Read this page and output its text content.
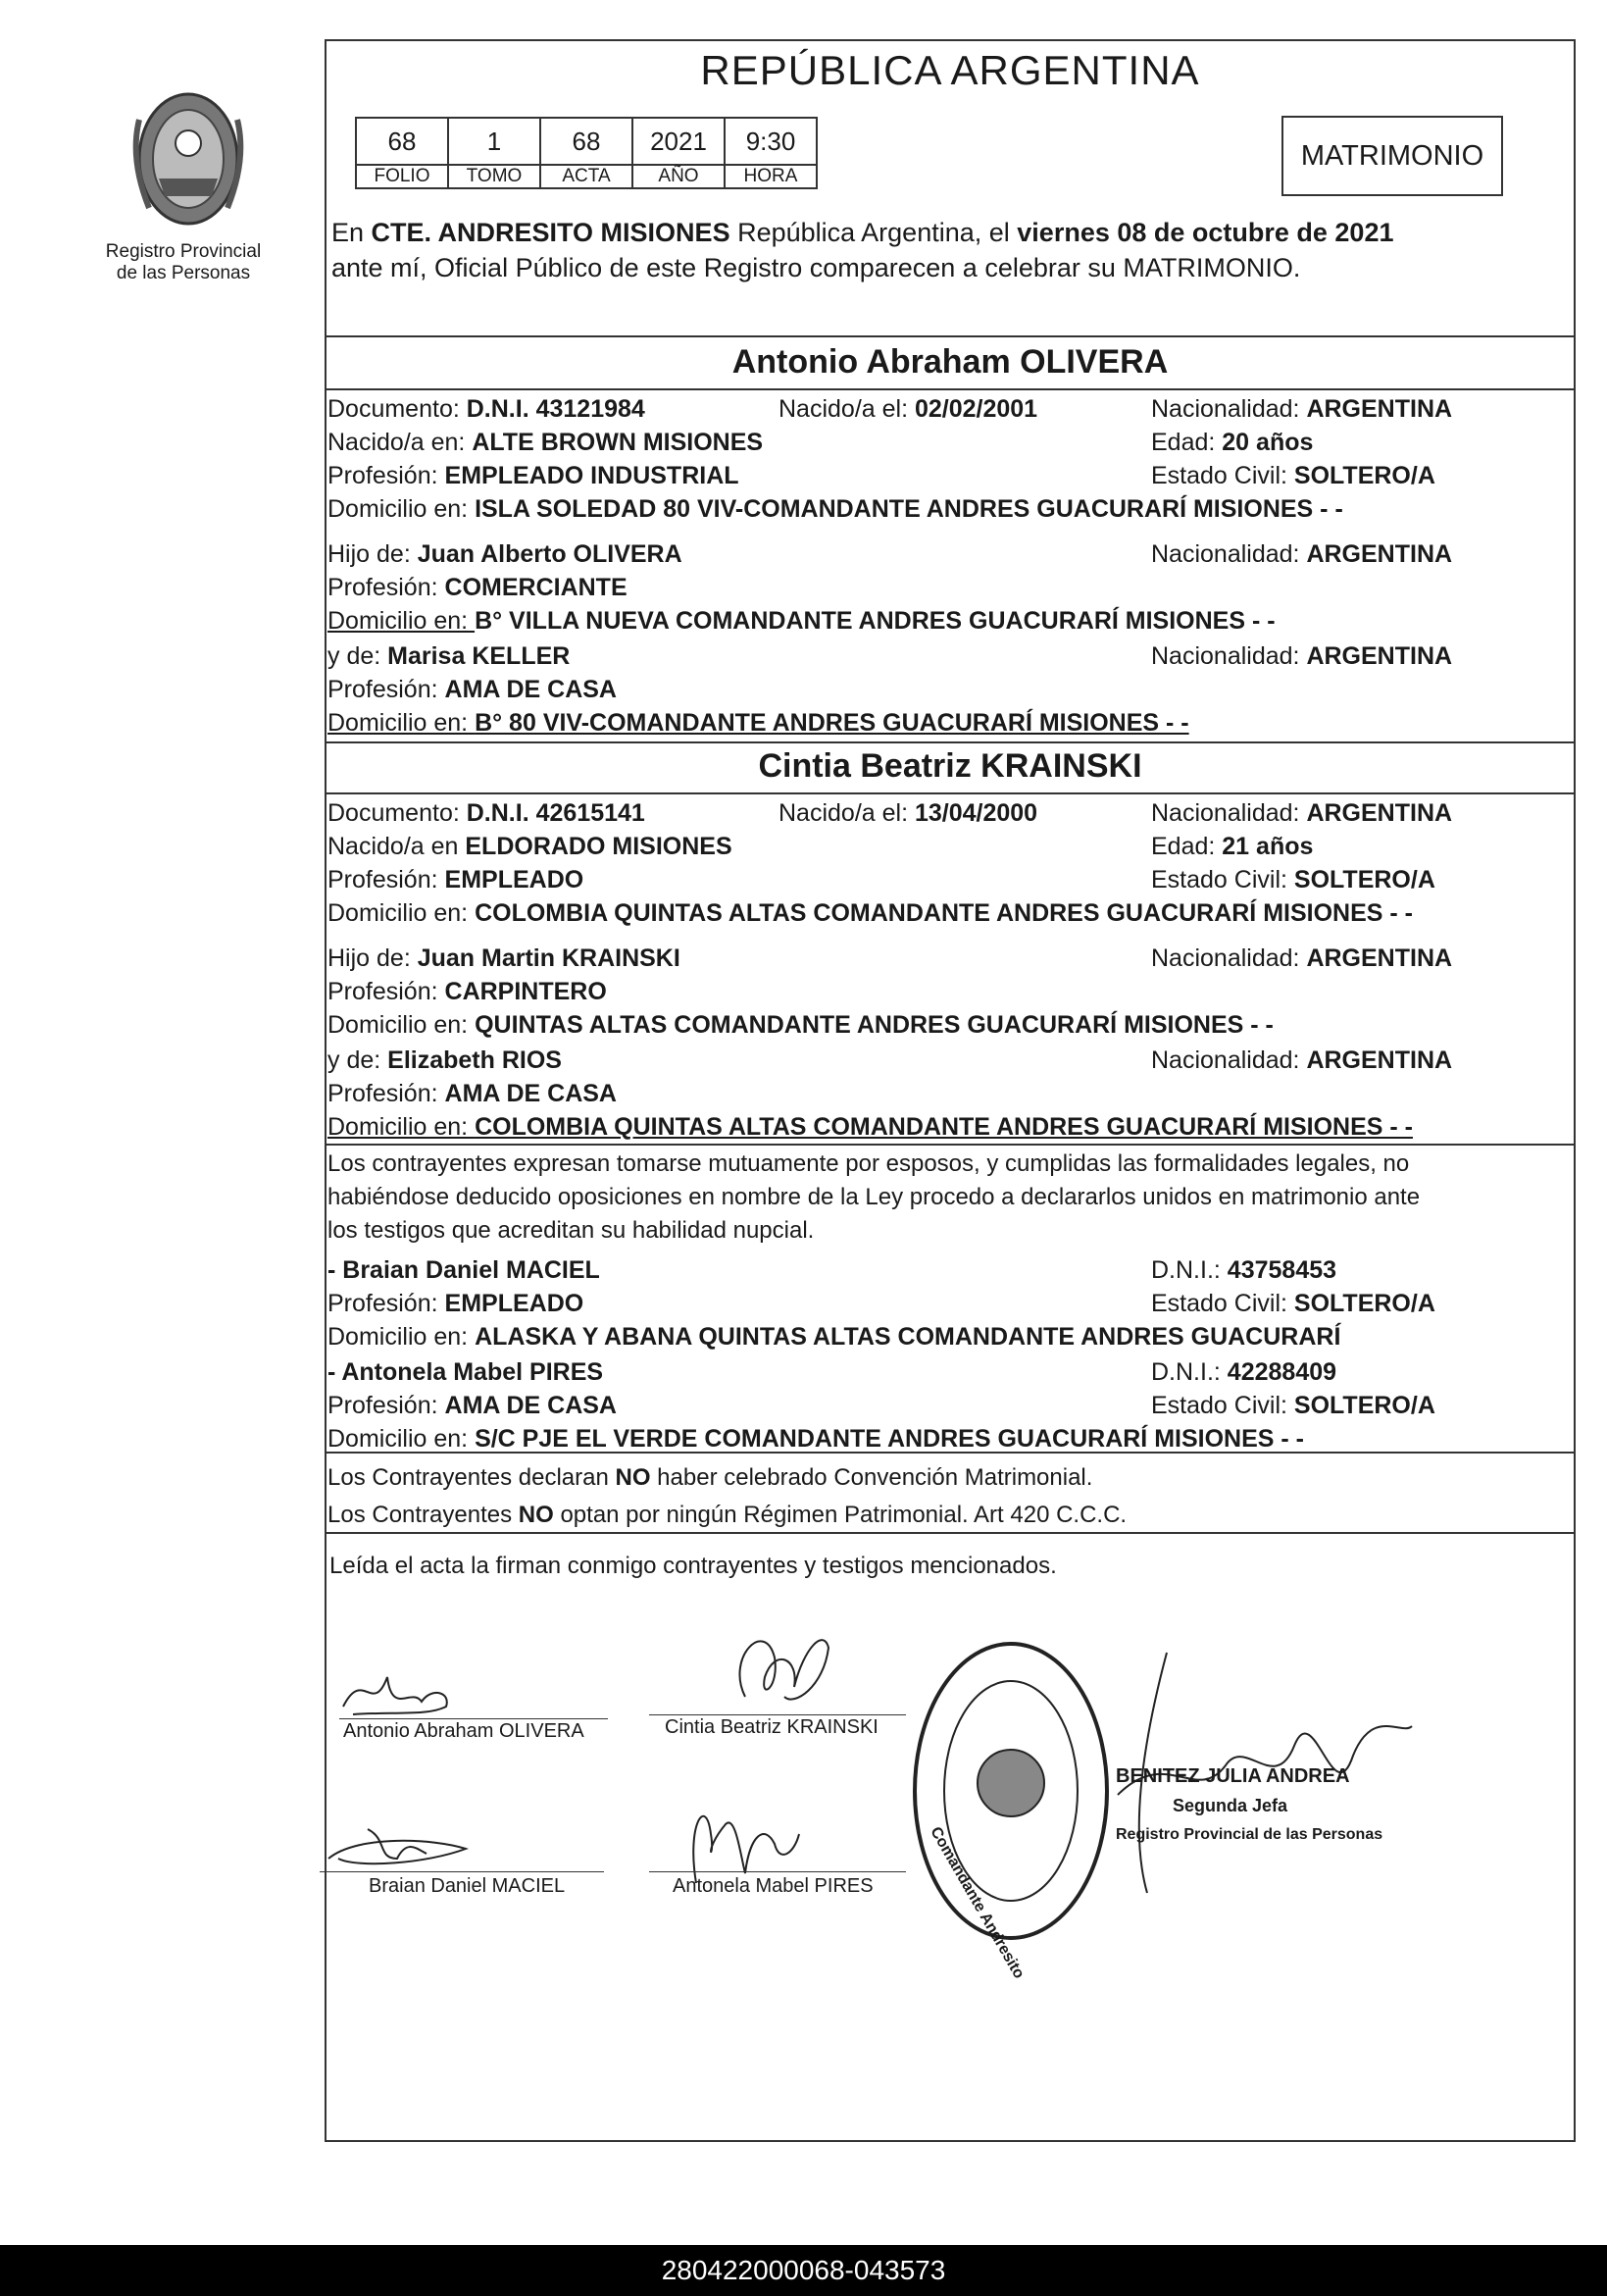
Registro Provincial
de las Personas
REPÚBLICA ARGENTINA
68	1	68	2021	9:30
FOLIO	TOMO	ACTA	AÑO	HORA
MATRIMONIO
En CTE. ANDRESITO MISIONES República Argentina, el viernes 08 de octubre de 2021
ante mí, Oficial Público de este Registro comparecen a celebrar su MATRIMONIO.
Antonio Abraham OLIVERA
Documento: D.N.I. 43121984	Nacido/a el: 02/02/2001	Nacionalidad: ARGENTINA
Nacido/a en: ALTE BROWN MISIONES	Edad: 20 años
Profesión: EMPLEADO INDUSTRIAL	Estado Civil: SOLTERO/A
Domicilio en: ISLA SOLEDAD 80 VIV-COMANDANTE ANDRES GUACURARÍ MISIONES - -
Hijo de: Juan Alberto OLIVERA	Nacionalidad: ARGENTINA
Profesión: COMERCIANTE
Domicilio en: B° VILLA NUEVA COMANDANTE ANDRES GUACURARÍ MISIONES - -
y de: Marisa KELLER	Nacionalidad: ARGENTINA
Profesión: AMA DE CASA
Domicilio en: B° 80 VIV-COMANDANTE ANDRES GUACURARÍ MISIONES - -
Cintia Beatriz KRAINSKI
Documento: D.N.I. 42615141	Nacido/a el: 13/04/2000	Nacionalidad: ARGENTINA
Nacido/a en ELDORADO MISIONES	Edad: 21 años
Profesión: EMPLEADO	Estado Civil: SOLTERO/A
Domicilio en: COLOMBIA QUINTAS ALTAS COMANDANTE ANDRES GUACURARÍ MISIONES - -
Hijo de: Juan Martin KRAINSKI	Nacionalidad: ARGENTINA
Profesión: CARPINTERO
Domicilio en: QUINTAS ALTAS COMANDANTE ANDRES GUACURARÍ MISIONES - -
y de: Elizabeth RIOS	Nacionalidad: ARGENTINA
Profesión: AMA DE CASA
Domicilio en: COLOMBIA QUINTAS ALTAS COMANDANTE ANDRES GUACURARÍ MISIONES - -
Los contrayentes expresan tomarse mutuamente por esposos, y cumplidas las formalidades legales, no
habiéndose deducido oposiciones en nombre de la Ley procedo a declararlos unidos en matrimonio ante
los testigos que acreditan su habilidad nupcial.
- Braian Daniel MACIEL	D.N.I.: 43758453
Profesión: EMPLEADO	Estado Civil: SOLTERO/A
Domicilio en: ALASKA Y ABANA QUINTAS ALTAS COMANDANTE ANDRES GUACURARÍ
- Antonela Mabel PIRES	D.N.I.: 42288409
Profesión: AMA DE CASA	Estado Civil: SOLTERO/A
Domicilio en: S/C PJE EL VERDE COMANDANTE ANDRES GUACURARÍ MISIONES - -
Los Contrayentes declaran NO haber celebrado Convención Matrimonial.
Los Contrayentes NO optan por ningún Régimen Patrimonial. Art 420 C.C.C.
Leída el acta la firman conmigo contrayentes y testigos mencionados.
Antonio Abraham OLIVERA	Cintia Beatriz KRAINSKI
Braian Daniel MACIEL	Antonela Mabel PIRES	Comandante Andresito
BENITEZ JULIA ANDREA
Segunda Jefa
Registro Provincial de las Personas
280422000068-043573
